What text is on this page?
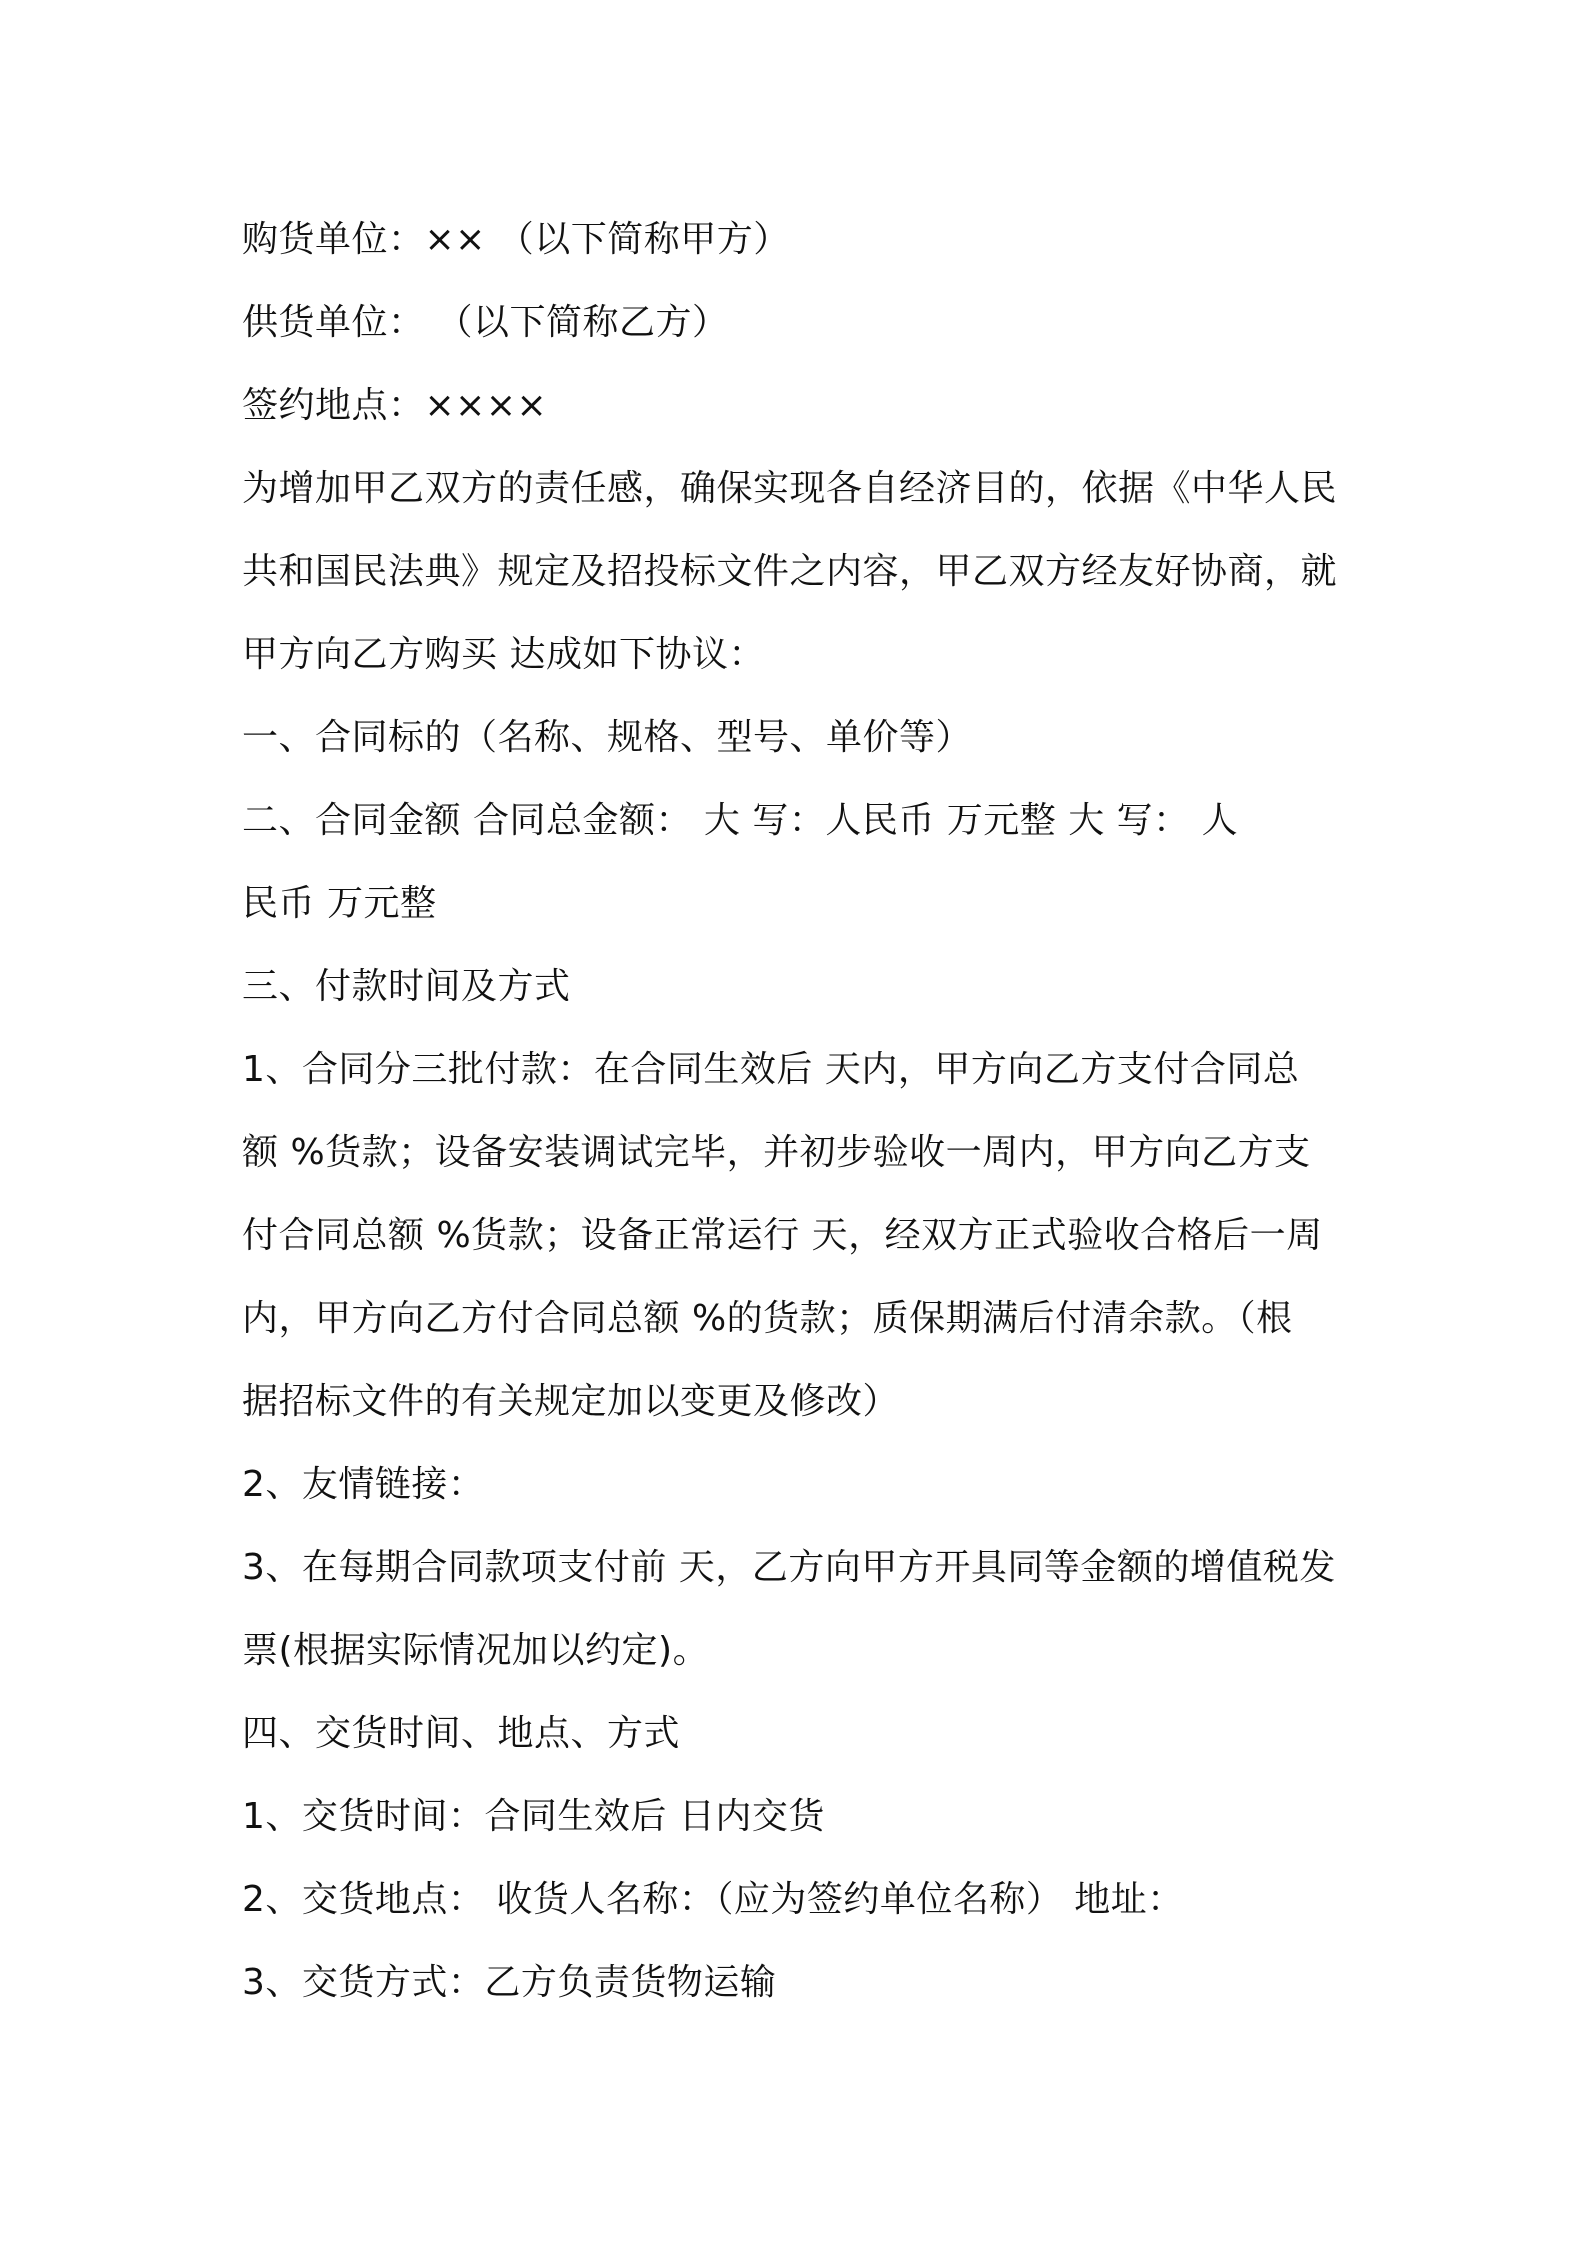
购货单位：×× （以下简称甲方）
供货单位： （以下简称乙方）
签约地点：××××
为增加甲乙双方的责任感，确保实现各自经济目的，依据《中华人民
共和国民法典》规定及招投标文件之内容，甲乙双方经友好协商，就
甲方向乙方购买 达成如下协议：
一、合同标的（名称、规格、型号、单价等）
二、合同金额 合同总金额： 大 写：人民币 万元整 大 写： 人
民币 万元整
三、付款时间及方式
1、合同分三批付款：在合同生效后 天内，甲方向乙方支付合同总
额 %货款；设备安装调试完毕，并初步验收一周内，甲方向乙方支
付合同总额 %货款；设备正常运行 天，经双方正式验收合格后一周
内，甲方向乙方付合同总额 %的货款；质保期满后付清余款。（根
据招标文件的有关规定加以变更及修改）
2、友情链接：
3、在每期合同款项支付前 天，乙方向甲方开具同等金额的增值税发
票(根据实际情况加以约定)。
四、交货时间、地点、方式
1、交货时间：合同生效后 日内交货
2、交货地点： 收货人名称：（应为签约单位名称） 地址：
3、交货方式：乙方负责货物运输
